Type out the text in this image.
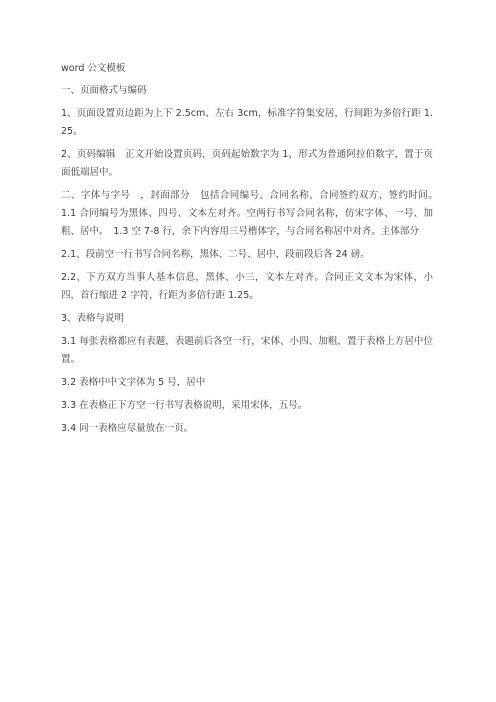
word 公文模板
一、页面格式与编码
1、页面设置页边距为上下 2.5cm、左右 3cm，标准字符集安居，行间距为多倍行距 1.25。
2、页码编辑　正文开始设置页码，页码起始数字为 1，形式为普通阿拉伯数字，置于页面低端居中。
二、字体与字号　，封面部分　包括合同编号、合同名称、合同签约双方、签约时间。　1.1 合同编号为黑体、四号、文本左对齐。空两行书写合同名称，仿宋字体、一号、加粗、居中。　1.3 空 7-8 行，余下内容用三号楷体字，与合同名称居中对齐。主体部分
2.1、段前空一行书写合同名称，黑体、二号、居中，段前段后各 24 磅。
2.2、下方双方当事人基本信息，黑体、小三，文本左对齐。合同正文文本为宋体，小四，首行缩进 2 字符，行距为多倍行距 1.25。
3、表格与说明
3.1 每张表格都应有表题，表题前后各空一行，宋体、小四、加粗，置于表格上方居中位置。
3.2 表格中中文字体为 5 号，居中
3.3 在表格正下方空一行书写表格说明，采用宋体，五号。
3.4 同一表格应尽量放在一页。
